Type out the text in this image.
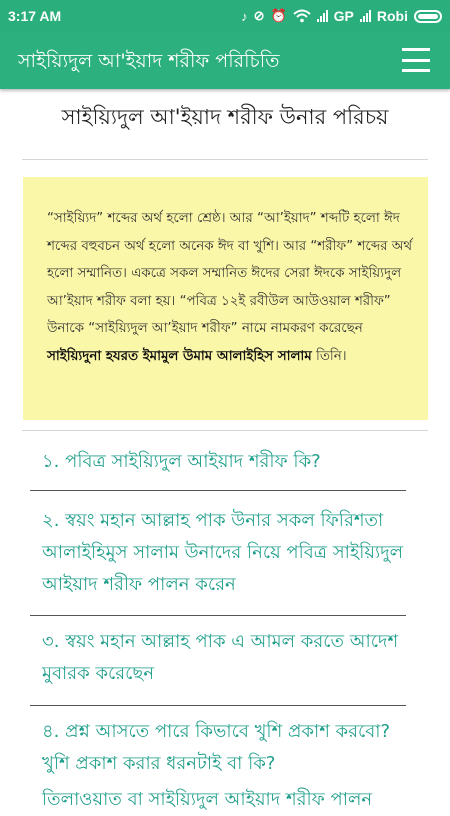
3:17 AM	♪ ⊘ ⏰	GP Robi
সাইয়্যিদুল আ'ইয়াদ শরীফ পরিচিতি
সাইয়্যিদুল আ'ইয়াদ শরীফ উনার পরিচয়
“সাইয়্যিদ” শব্দের অর্থ হলো শ্রেষ্ঠ। আর “আ’ইয়াদ” শব্দটি হলো ঈদ শব্দের বহুবচন অর্থ হলো অনেক ঈদ বা খুশি। আর “শরীফ” শব্দের অর্থ হলো সম্মানিত। একত্রে সকল সম্মানিত ঈদের সেরা ঈদকে সাইয়্যিদুল আ’ইয়াদ শরীফ বলা হয়। “পবিত্র ১২ই রবীউল আউওয়াল শরীফ” উনাকে “সাইয়্যিদুল আ’ইয়াদ শরীফ” নামে নামকরণ করেছেন সাইয়্যিদুনা হযরত ইমামুল উমাম আলাইহিস সালাম তিনি।
১. পবিত্র সাইয়্যিদুল আইয়াদ শরীফ কি?
২. স্বয়ং মহান আল্লাহ পাক উনার সকল ফিরিশতা আলাইহিমুস সালাম উনাদের নিয়ে পবিত্র সাইয়্যিদুল আইয়াদ শরীফ পালন করেন
৩. স্বয়ং মহান আল্লাহ পাক এ আমল করতে আদেশ মুবারক করেছেন
৪. প্রশ্ন আসতে পারে কিভাবে খুশি প্রকাশ করবো? খুশি প্রকাশ করার ধরনটাই বা কি?
তিলাওয়াত বা সাইয়্যিদুল আইয়াদ শরীফ পালন
